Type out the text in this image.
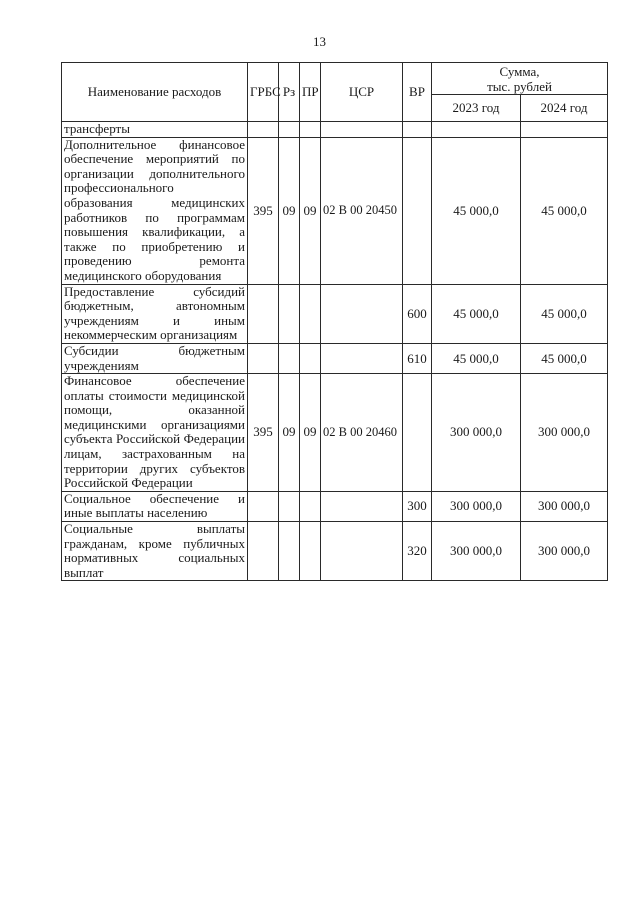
13
Наименование расходов	ГРБС	Рз	ПР	ЦСР	ВР	Сумма,
тыс. рублей	
						2023 год	2024 год
трансферты							
Дополнительное финансовое обеспечение мероприятий по организации дополнительного профессионального образования медицинских работников по программам повышения квалификации, а также по приобретению и проведению ремонта медицинского оборудования	395	09	09	02 В 00 20450		45 000,0	45 000,0
Предоставление субсидий бюджетным, автономным учреждениям и иным некоммерческим организациям					600	45 000,0	45 000,0
Субсидии бюджетным учреждениям					610	45 000,0	45 000,0
Финансовое обеспечение оплаты стоимости медицинской помощи, оказанной медицинскими организациями субъекта Российской Федерации лицам, застрахованным на территории других субъектов Российской Федерации	395	09	09	02 В 00 20460		300 000,0	300 000,0
Социальное обеспечение и иные выплаты населению					300	300 000,0	300 000,0
Социальные выплаты гражданам, кроме публичных нормативных социальных выплат					320	300 000,0	300 000,0
